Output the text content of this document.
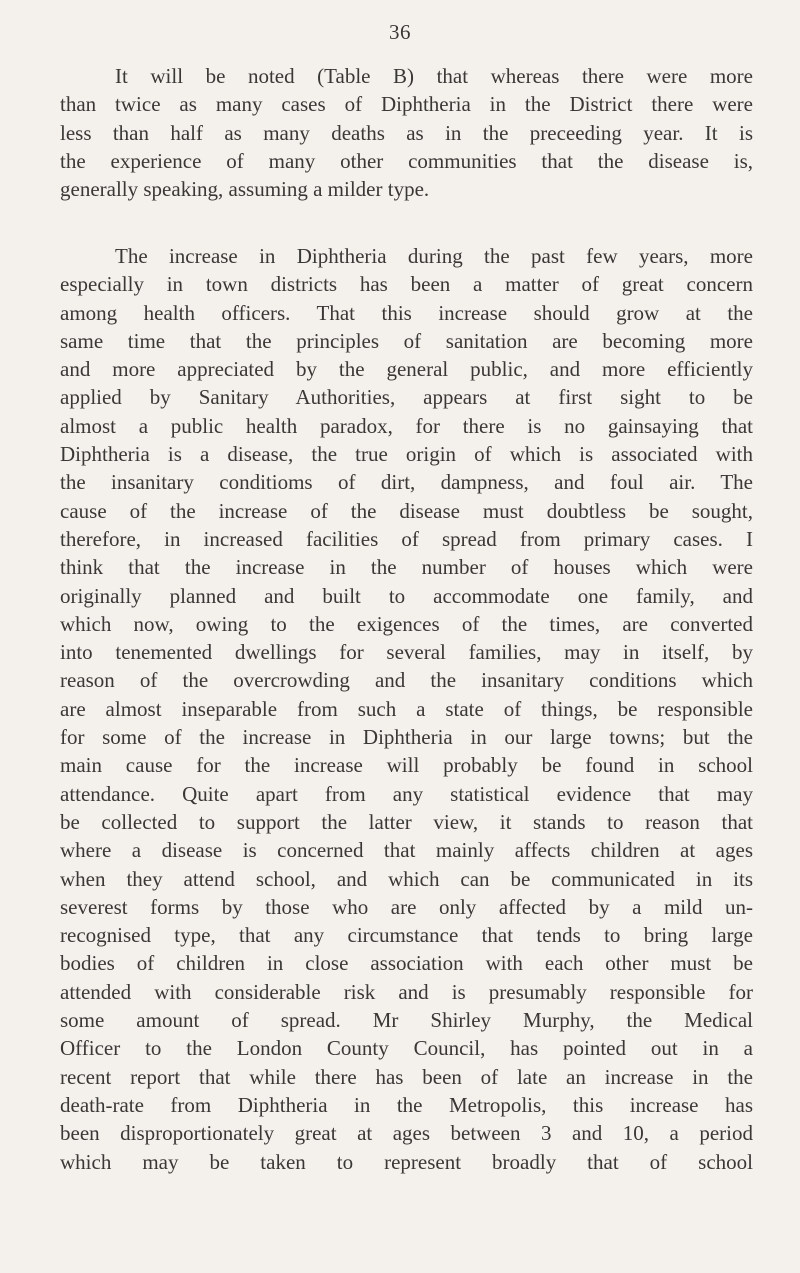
36
It will be noted (Table B) that whereas there were more
than twice as many cases of Diphtheria in the District there were
less than half as many deaths as in the preceeding year. It is
the experience of many other communities that the disease is,
generally speaking, assuming a milder type.
The increase in Diphtheria during the past few years, more
especially in town districts has been a matter of great concern
among health officers. That this increase should grow at the
same time that the principles of sanitation are becoming more
and more appreciated by the general public, and more efficiently
applied by Sanitary Authorities, appears at first sight to be
almost a public health paradox, for there is no gainsaying that
Diphtheria is a disease, the true origin of which is associated with
the insanitary conditioms of dirt, dampness, and foul air. The
cause of the increase of the disease must doubtless be sought,
therefore, in increased facilities of spread from primary cases. I
think that the increase in the number of houses which were
originally planned and built to accommodate one family, and
which now, owing to the exigences of the times, are converted
into tenemented dwellings for several families, may in itself, by
reason of the overcrowding and the insanitary conditions which
are almost inseparable from such a state of things, be responsible
for some of the increase in Diphtheria in our large towns; but the
main cause for the increase will probably be found in school
attendance. Quite apart from any statistical evidence that may
be collected to support the latter view, it stands to reason that
where a disease is concerned that mainly affects children at ages
when they attend school, and which can be communicated in its
severest forms by those who are only affected by a mild un-
recognised type, that any circumstance that tends to bring large
bodies of children in close association with each other must be
attended with considerable risk and is presumably responsible for
some amount of spread. Mr Shirley Murphy, the Medical
Officer to the London County Council, has pointed out in a
recent report that while there has been of late an increase in the
death-rate from Diphtheria in the Metropolis, this increase has
been disproportionately great at ages between 3 and 10, a period
which may be taken to represent broadly that of school
